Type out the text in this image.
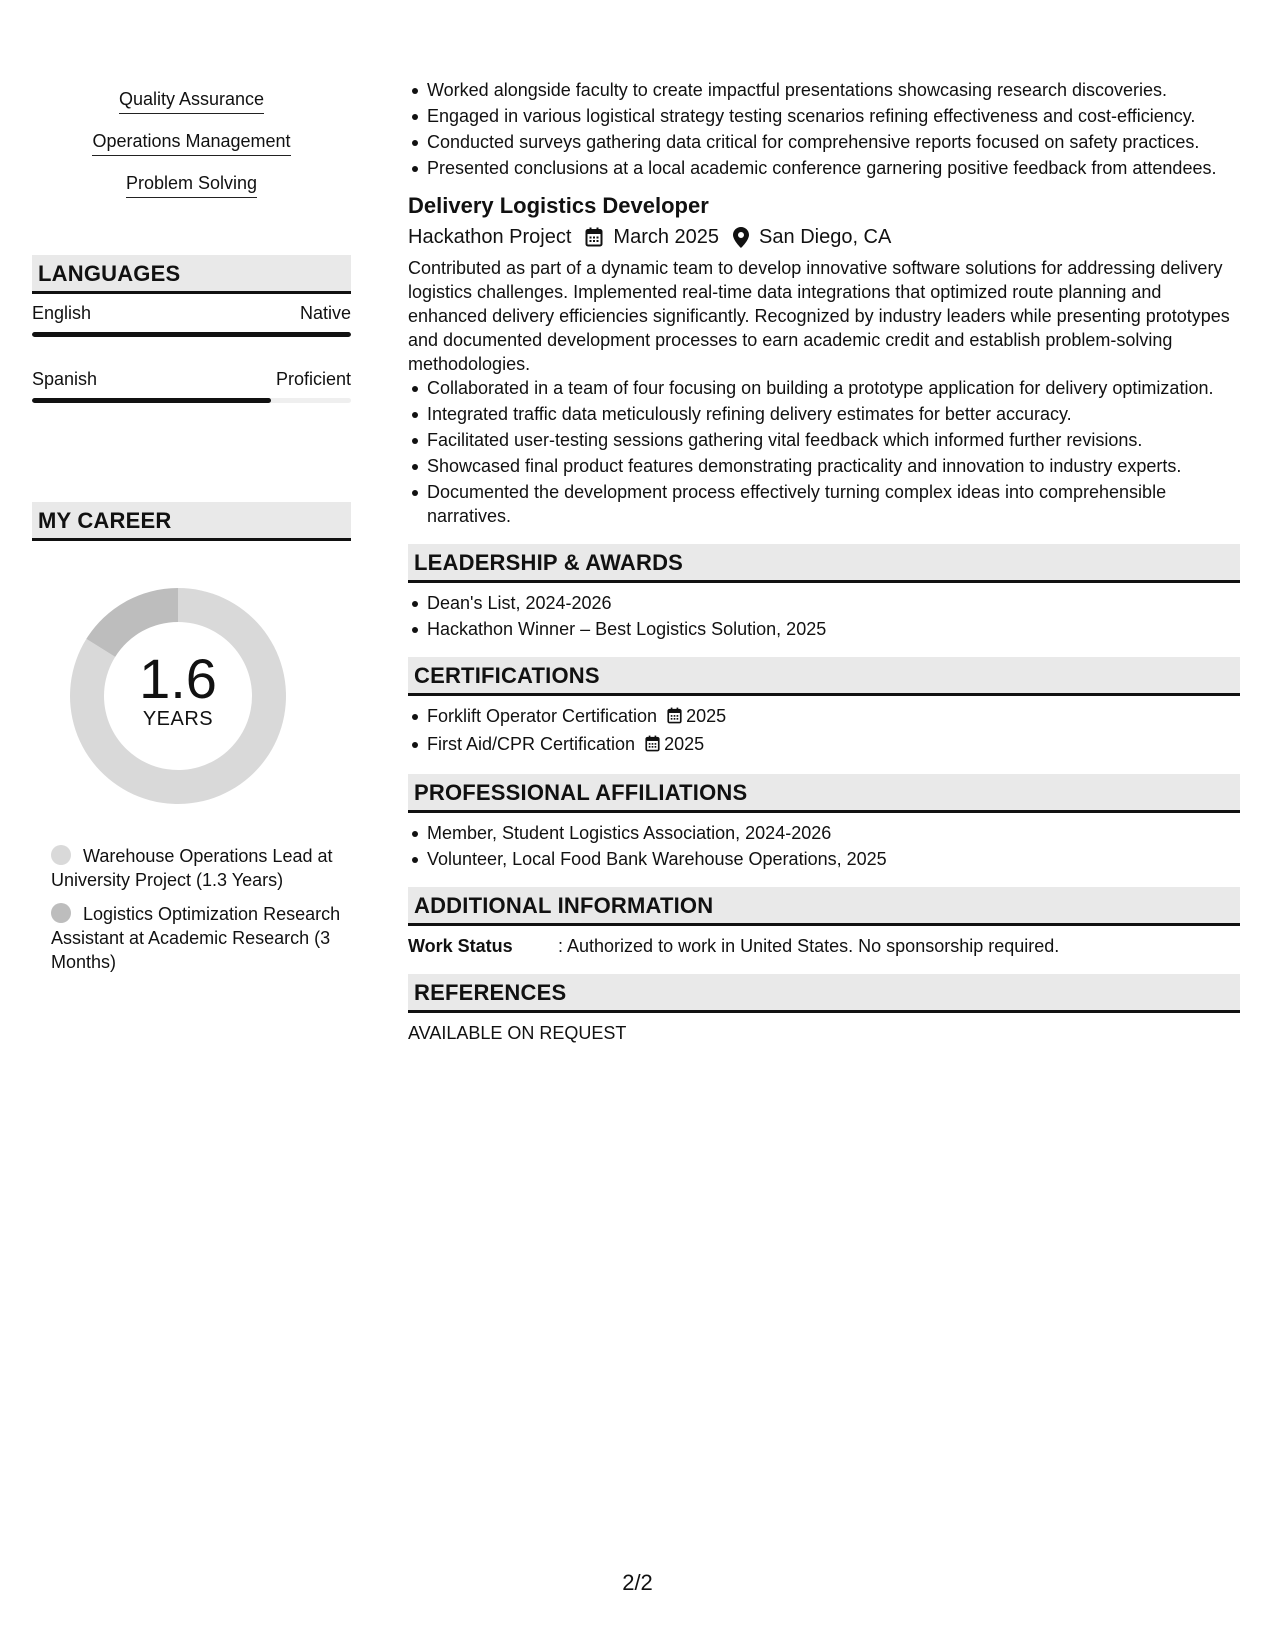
Quality Assurance
Operations Management
Problem Solving
LANGUAGES
English	Native
Spanish	Proficient
MY CAREER
1.6
YEARS
Warehouse Operations Lead at University Project (1.3 Years)
Logistics Optimization Research Assistant at Academic Research (3 Months)
Worked alongside faculty to create impactful presentations showcasing research discoveries.
Engaged in various logistical strategy testing scenarios refining effectiveness and cost-efficiency.
Conducted surveys gathering data critical for comprehensive reports focused on safety practices.
Presented conclusions at a local academic conference garnering positive feedback from attendees.
Delivery Logistics Developer
Hackathon Project March 2025 San Diego, CA
Contributed as part of a dynamic team to develop innovative software solutions for addressing delivery logistics challenges. Implemented real-time data integrations that optimized route planning and enhanced delivery efficiencies significantly. Recognized by industry leaders while presenting prototypes and documented development processes to earn academic credit and establish problem-solving methodologies.
Collaborated in a team of four focusing on building a prototype application for delivery optimization.
Integrated traffic data meticulously refining delivery estimates for better accuracy.
Facilitated user-testing sessions gathering vital feedback which informed further revisions.
Showcased final product features demonstrating practicality and innovation to industry experts.
Documented the development process effectively turning complex ideas into comprehensible narratives.
LEADERSHIP & AWARDS
Dean's List, 2024-2026
Hackathon Winner – Best Logistics Solution, 2025
CERTIFICATIONS
Forklift Operator Certification 2025
First Aid/CPR Certification 2025
PROFESSIONAL AFFILIATIONS
Member, Student Logistics Association, 2024-2026
Volunteer, Local Food Bank Warehouse Operations, 2025
ADDITIONAL INFORMATION
Work Status	: Authorized to work in United States. No sponsorship required.
REFERENCES
AVAILABLE ON REQUEST
2/2
